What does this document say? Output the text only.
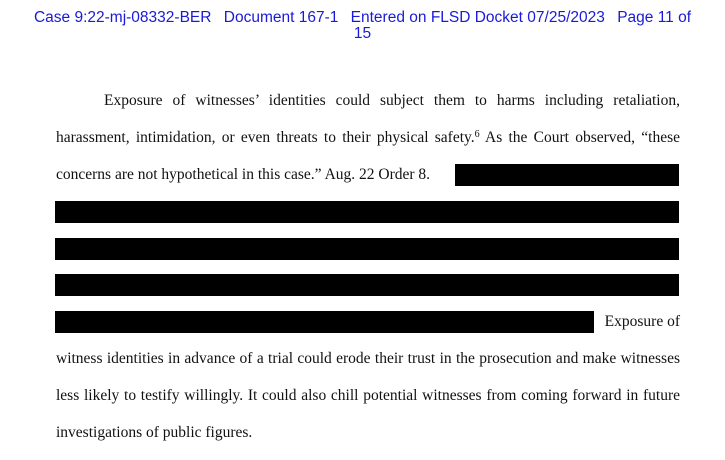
Case 9:22-mj-08332-BER Document 167-1 Entered on FLSD Docket 07/25/2023 Page 11 of
15
Exposure of witnesses’ identities could subject them to harms including retaliation,
harassment, intimidation, or even threats to their physical safety.$^6$ As the Court observed, “these
concerns are not hypothetical in this case.” Aug. 22 Order 8.
Exposure of
witness identities in advance of a trial could erode their trust in the prosecution and make witnesses
less likely to testify willingly. It could also chill potential witnesses from coming forward in future
investigations of public figures.
